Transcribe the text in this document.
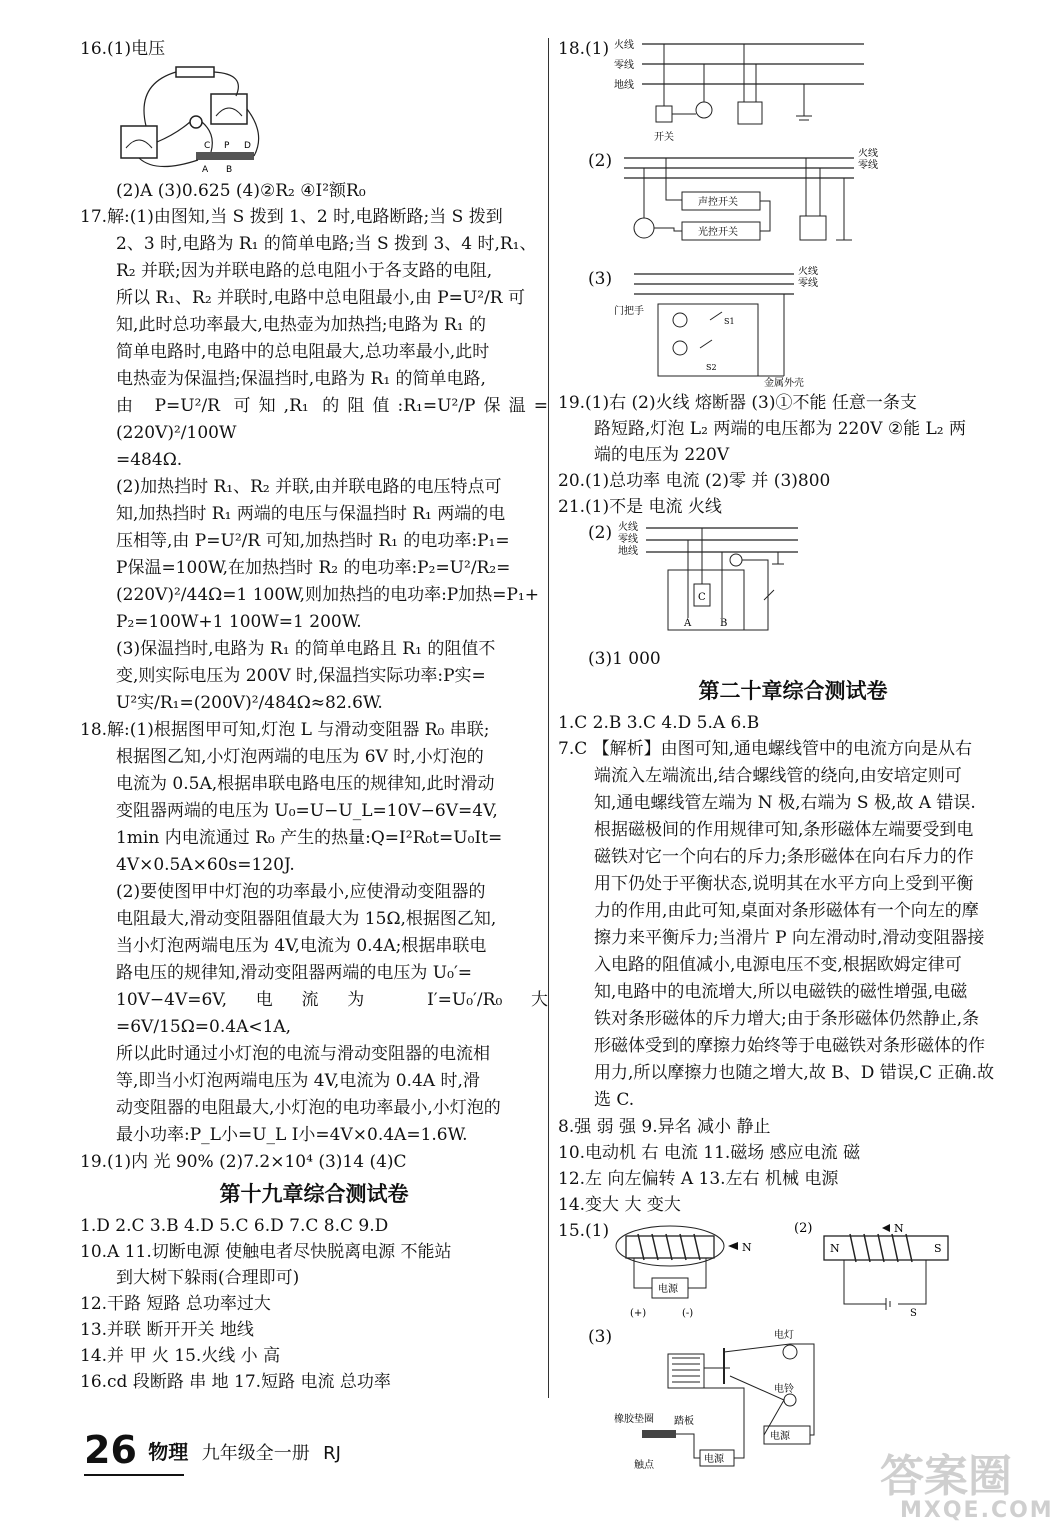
16.(1)电压
C P D
A B
(2)A (3)0.625 (4)②R₂ ④I²额R₀
17.解:(1)由图知,当 S 拨到 1、2 时,电路断路;当 S 拨到
2、3 时,电路为 R₁ 的简单电路;当 S 拨到 3、4 时,R₁、
R₂ 并联;因为并联电路的总电阻小于各支路的电阻,
所以 R₁、R₂ 并联时,电路中总电阻最小,由 P=U²/R 可
知,此时总功率最大,电热壶为加热挡;电路为 R₁ 的
简单电路时,电路中的总电阻最大,总功率最小,此时
电热壶为保温挡;保温挡时,电路为 R₁ 的简单电路,
由 P=U²/R 可知,R₁ 的阻值:R₁=U²/P保温=(220V)²/100W
=484Ω.
(2)加热挡时 R₁、R₂ 并联,由并联电路的电压特点可
知,加热挡时 R₁ 两端的电压与保温挡时 R₁ 两端的电
压相等,由 P=U²/R 可知,加热挡时 R₁ 的电功率:P₁=
P保温=100W,在加热挡时 R₂ 的电功率:P₂=U²/R₂=
(220V)²/44Ω=1 100W,则加热挡的电功率:P加热=P₁+
P₂=100W+1 100W=1 200W.
(3)保温挡时,电路为 R₁ 的简单电路且 R₁ 的阻值不
变,则实际电压为 200V 时,保温挡实际功率:P实=
U²实/R₁=(200V)²/484Ω≈82.6W.
18.解:(1)根据图甲可知,灯泡 L 与滑动变阻器 R₀ 串联;
根据图乙知,小灯泡两端的电压为 6V 时,小灯泡的
电流为 0.5A,根据串联电路电压的规律知,此时滑动
变阻器两端的电压为 U₀=U−U_L=10V−6V=4V,
1min 内电流通过 R₀ 产生的热量:Q=I²R₀t=U₀It=
4V×0.5A×60s=120J.
(2)要使图甲中灯泡的功率最小,应使滑动变阻器的
电阻最大,滑动变阻器阻值最大为 15Ω,根据图乙知,
当小灯泡两端电压为 4V,电流为 0.4A;根据串联电
路电压的规律知,滑动变阻器两端的电压为 U₀′=
10V−4V=6V,电流为 I′=U₀′/R₀大=6V/15Ω=0.4A<1A,
所以此时通过小灯泡的电流与滑动变阻器的电流相
等,即当小灯泡两端电压为 4V,电流为 0.4A 时,滑
动变阻器的电阻最大,小灯泡的电功率最小,小灯泡的
最小功率:P_L小=U_L I小=4V×0.4A=1.6W.
19.(1)内 光 90% (2)7.2×10⁴ (3)14 (4)C
第十九章综合测试卷
1.D 2.C 3.B 4.D 5.C 6.D 7.C 8.C 9.D
10.A 11.切断电源 使触电者尽快脱离电源 不能站
到大树下躲雨(合理即可)
12.干路 短路 总功率过大
13.并联 断开开关 地线
14.并 甲 火 15.火线 小 高
16.cd 段断路 串 地 17.短路 电流 总功率
18.(1) 火线
零线
地线
开关
(2)	火线
零线
声控开关
光控开关
(3)	火线
零线
门把手
S1
S2
金属外壳
19.(1)右 (2)火线 熔断器 (3)①不能 任意一条支
路短路,灯泡 L₂ 两端的电压都为 220V ②能 L₂ 两
端的电压为 220V
20.(1)总功率 电流 (2)零 并 (3)800
21.(1)不是 电流 火线
(2) 火线
零线
地线
C
A	B
(3)1 000
第二十章综合测试卷
1.C 2.B 3.C 4.D 5.A 6.B
7.C 【解析】由图可知,通电螺线管中的电流方向是从右
端流入左端流出,结合螺线管的绕向,由安培定则可
知,通电螺线管左端为 N 极,右端为 S 极,故 A 错误.
根据磁极间的作用规律可知,条形磁体左端要受到电
磁铁对它一个向右的斥力;条形磁体在向右斥力的作
用下仍处于平衡状态,说明其在水平方向上受到平衡
力的作用,由此可知,桌面对条形磁体有一个向左的摩
擦力来平衡斥力;当滑片 P 向左滑动时,滑动变阻器接
入电路的阻值减小,电源电压不变,根据欧姆定律可
知,电路中的电流增大,所以电磁铁的磁性增强,电磁
铁对条形磁体的斥力增大;由于条形磁体仍然静止,条
形磁体受到的摩擦力始终等于电磁铁对条形磁体的作
用力,所以摩擦力也随之增大,故 B、D 错误,C 正确.故
选 C.
8.强 弱 强 9.异名 减小 静止
10.电动机 右 电流 11.磁场 感应电流 磁
12.左 向左偏转 A 13.左右 机械 电源
14.变大 大 变大
15.(1)
N
电源
(+)	(-)
(2)	N
N	S
S
(3)	电灯
电铃
电源
橡胶垫圈 踏板
电源
触点
26 物理 九年级全一册 RJ	答案圈
MXQE.COM
